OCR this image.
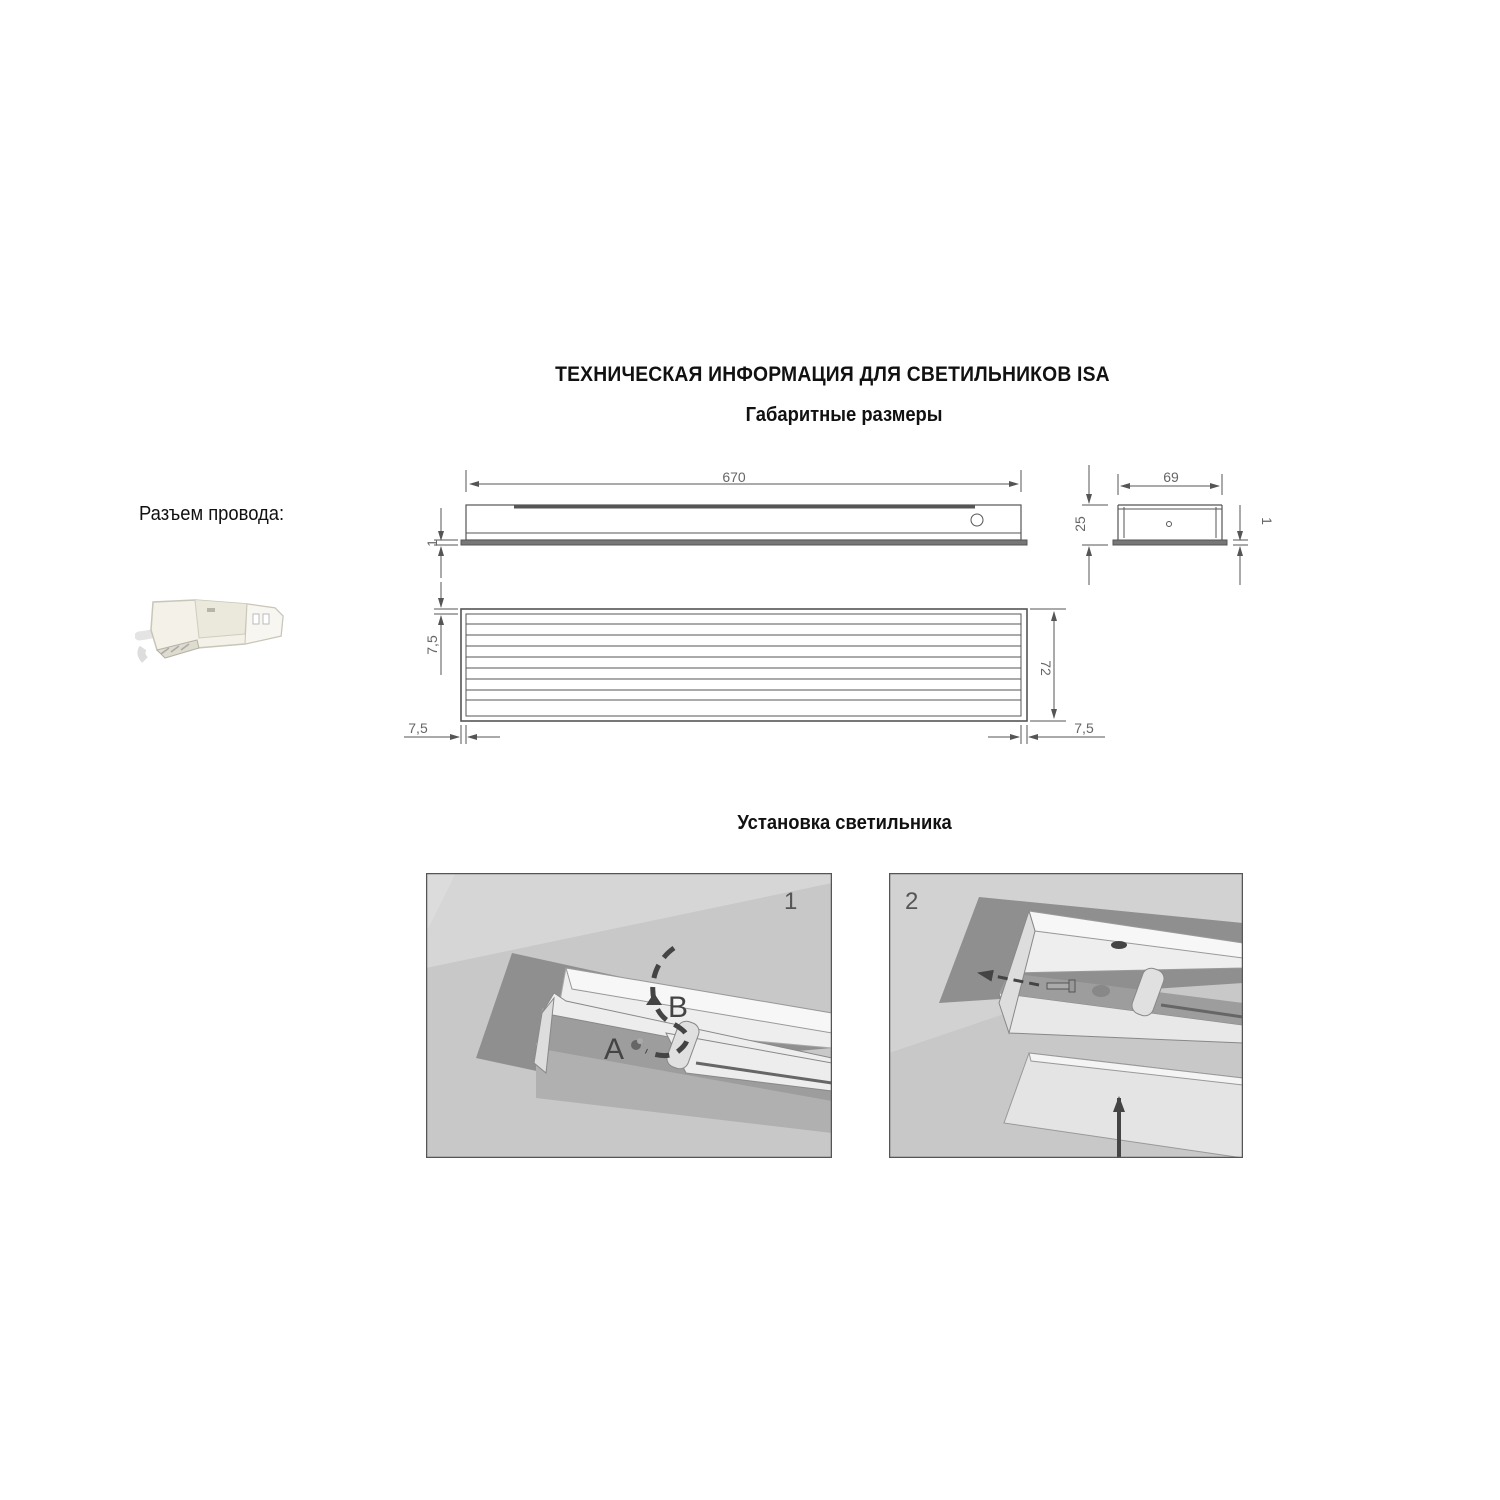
ТЕХНИЧЕСКАЯ ИНФОРМАЦИЯ ДЛЯ СВЕТИЛЬНИКОВ ISA
Габаритные размеры
Разъем провода:
670	69
25
1
1
7,5
72
7,5	7,5
Установка светильника
B
A
1	2
